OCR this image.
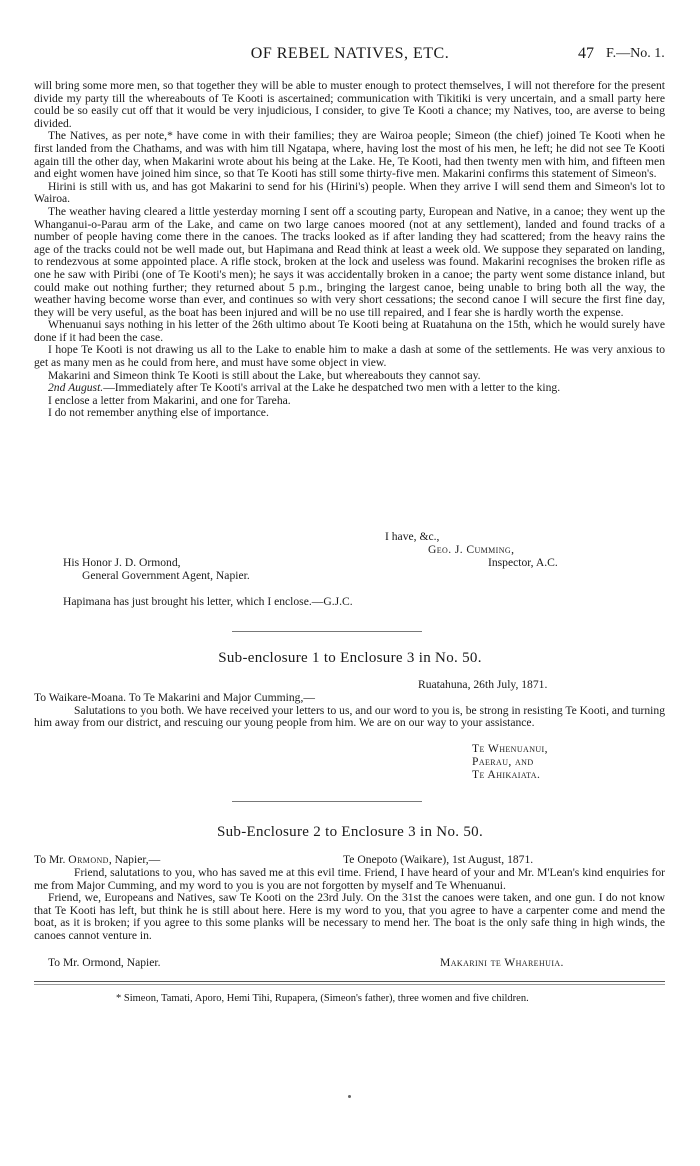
OF REBEL NATIVES, ETC.	47 F.—No. 1.

will bring some more men, so that together they will be able to muster enough to protect themselves, I will not therefore for the present divide my party till the whereabouts of Te Kooti is ascertained; communication with Tikitiki is very uncertain, and a small party here could be so easily cut off that it would be very injudicious, I consider, to give Te Kooti a chance; my Natives, too, are averse to being divided.

The Natives, as per note,* have come in with their families; they are Wairoa people; Simeon (the chief) joined Te Kooti when he first landed from the Chathams, and was with him till Ngatapa, where, having lost the most of his men, he left; he did not see Te Kooti again till the other day, when Makarini wrote about his being at the Lake. He, Te Kooti, had then twenty men with him, and fifteen men and eight women have joined him since, so that Te Kooti has still some thirty-five men. Makarini confirms this statement of Simeon's.

Hirini is still with us, and has got Makarini to send for his (Hirini's) people. When they arrive I will send them and Simeon's lot to Wairoa.

The weather having cleared a little yesterday morning I sent off a scouting party, European and Native, in a canoe; they went up the Whanganui-o-Parau arm of the Lake, and came on two large canoes moored (not at any settlement), landed and found tracks of a number of people having come there in the canoes. The tracks looked as if after landing they had scattered; from the heavy rains the age of the tracks could not be well made out, but Hapimana and Read think at least a week old. We suppose they separated on landing, to rendezvous at some appointed place. A rifle stock, broken at the lock and useless was found. Makarini recognises the broken rifle as one he saw with Piribi (one of Te Kooti's men); he says it was accidentally broken in a canoe; the party went some distance inland, but could make out nothing further; they returned about 5 p.m., bringing the largest canoe, being unable to bring both all the way, the weather having become worse than ever, and continues so with very short cessations; the second canoe I will secure the first fine day, they will be very useful, as the boat has been injured and will be no use till repaired, and I fear she is hardly worth the expense.

Whenuanui says nothing in his letter of the 26th ultimo about Te Kooti being at Ruatahuna on the 15th, which he would surely have done if it had been the case.

I hope Te Kooti is not drawing us all to the Lake to enable him to make a dash at some of the settlements. He was very anxious to get as many men as he could from here, and must have some object in view.

Makarini and Simeon think Te Kooti is still about the Lake, but whereabouts they cannot say.

2nd August.—Immediately after Te Kooti's arrival at the Lake he despatched two men with a letter to the king.

I enclose a letter from Makarini, and one for Tareha.

I do not remember anything else of importance.

I have, &c.,
Geo. J. Cumming,
Inspector, A.C.
His Honor J. D. Ormond,
General Government Agent, Napier.
Hapimana has just brought his letter, which I enclose.—G.J.C.
Sub-enclosure 1 to Enclosure 3 in No. 50.
Ruatahuna, 26th July, 1871.

To Waikare-Moana. To Te Makarini and Major Cumming,—

Salutations to you both. We have received your letters to us, and our word to you is, be strong in resisting Te Kooti, and turning him away from our district, and rescuing our young people from him. We are on our way to your assistance.

Te Whenuanui,
Paerau, and
Te Ahikaiata.
Sub-Enclosure 2 to Enclosure 3 in No. 50.
To Mr. Ormond, Napier,—	Te Onepoto (Waikare), 1st August, 1871.

Friend, salutations to you, who has saved me at this evil time. Friend, I have heard of your and Mr. M'Lean's kind enquiries for me from Major Cumming, and my word to you is you are not forgotten by myself and Te Whenuanui.

Friend, we, Europeans and Natives, saw Te Kooti on the 23rd July. On the 31st the canoes were taken, and one gun. I do not know that Te Kooti has left, but think he is still about here. Here is my word to you, that you agree to have a carpenter come and mend the boat, as it is broken; if you agree to this some planks will be necessary to mend her. The boat is the only safe thing in high winds, the canoes cannot venture in.

To Mr. Ormond, Napier.	Makarini te Wharehuia.
* Simeon, Tamati, Aporo, Hemi Tihi, Rupapera, (Simeon's father), three women and five children.
